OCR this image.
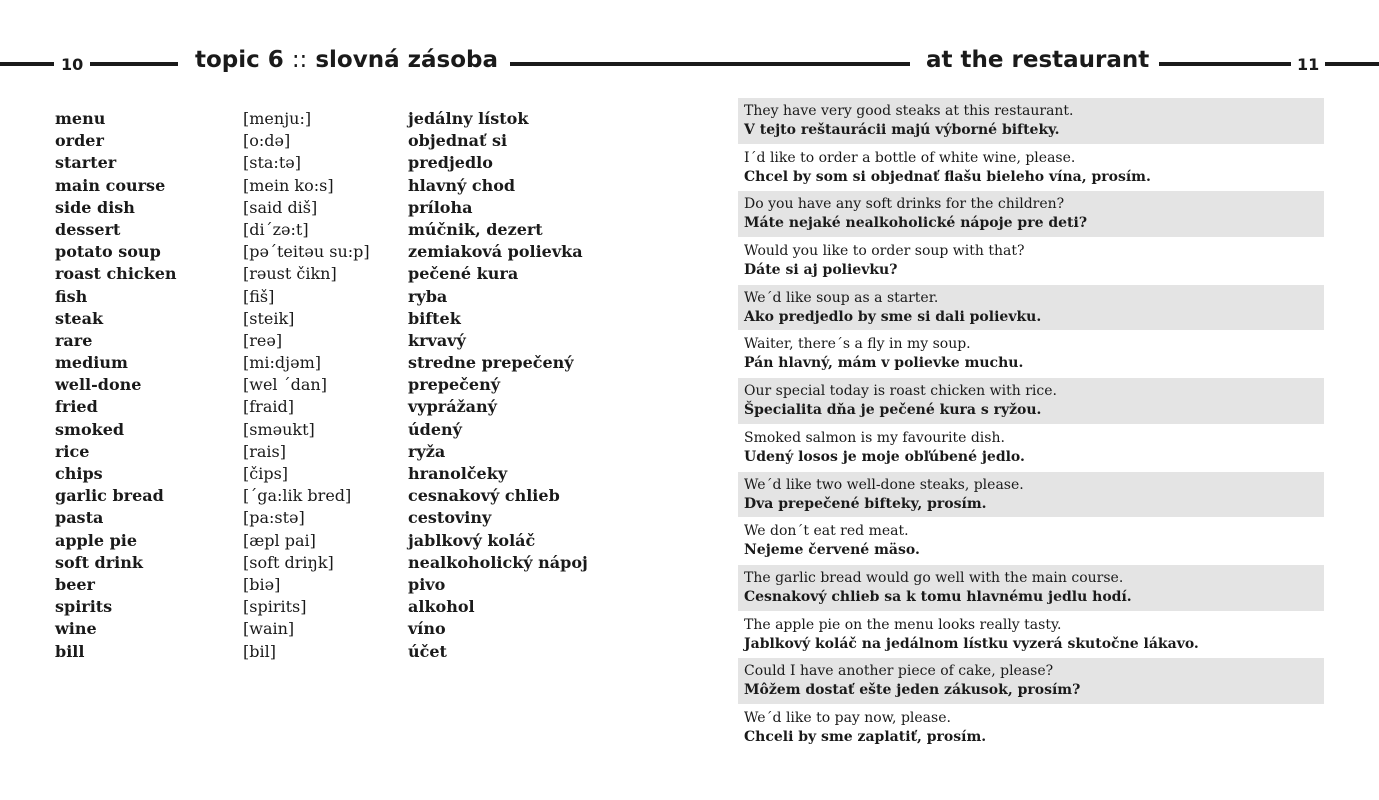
10	topic 6 :: slovná zásoba	at the restaurant	11
menu	[menju:]	jedálny lístok
order	[o:də]	objednať si
starter	[sta:tə]	predjedlo
main course	[mein ko:s]	hlavný chod
side dish	[said diš]	príloha
dessert	[di´zə:t]	múčnik, dezert
potato soup	[pə´teitəu su:p] zemiaková polievka
roast chicken	[rəust čikn]	pečené kura
fish	[fiš]	ryba
steak	[steik]	biftek
rare	[reə]	krvavý
medium	[mi:djəm]	stredne prepečený
well-done	[wel ´dan]	prepečený
fried	[fraid]	vyprážaný
smoked	[sməukt]	údený
rice	[rais]	ryža
chips	[čips]	hranolčeky
garlic bread	[´ga:lik bred]	cesnakový chlieb
pasta	[pa:stə]	cestoviny
apple pie	[æpl pai]	jablkový koláč
soft drink	[soft driŋk]	nealkoholický nápoj
beer	[biə]	pivo
spirits	[spirits]	alkohol
wine	[wain]	víno
bill	[bil]	účet
They have very good steaks at this restaurant.
V tejto reštaurácii majú výborné bifteky.
I´d like to order a bottle of white wine, please.
Chcel by som si objednať flašu bieleho vína, prosím.
Do you have any soft drinks for the children?
Máte nejaké nealkoholické nápoje pre deti?
Would you like to order soup with that?
Dáte si aj polievku?
We´d like soup as a starter.
Ako predjedlo by sme si dali polievku.
Waiter, there´s a fly in my soup.
Pán hlavný, mám v polievke muchu.
Our special today is roast chicken with rice.
Špecialita dňa je pečené kura s ryžou.
Smoked salmon is my favourite dish.
Udený losos je moje obľúbené jedlo.
We´d like two well-done steaks, please.
Dva prepečené bifteky, prosím.
We don´t eat red meat.
Nejeme červené mäso.
The garlic bread would go well with the main course.
Cesnakový chlieb sa k tomu hlavnému jedlu hodí.
The apple pie on the menu looks really tasty.
Jablkový koláč na jedálnom lístku vyzerá skutočne lákavo.
Could I have another piece of cake, please?
Môžem dostať ešte jeden zákusok, prosím?
We´d like to pay now, please.
Chceli by sme zaplatiť, prosím.
